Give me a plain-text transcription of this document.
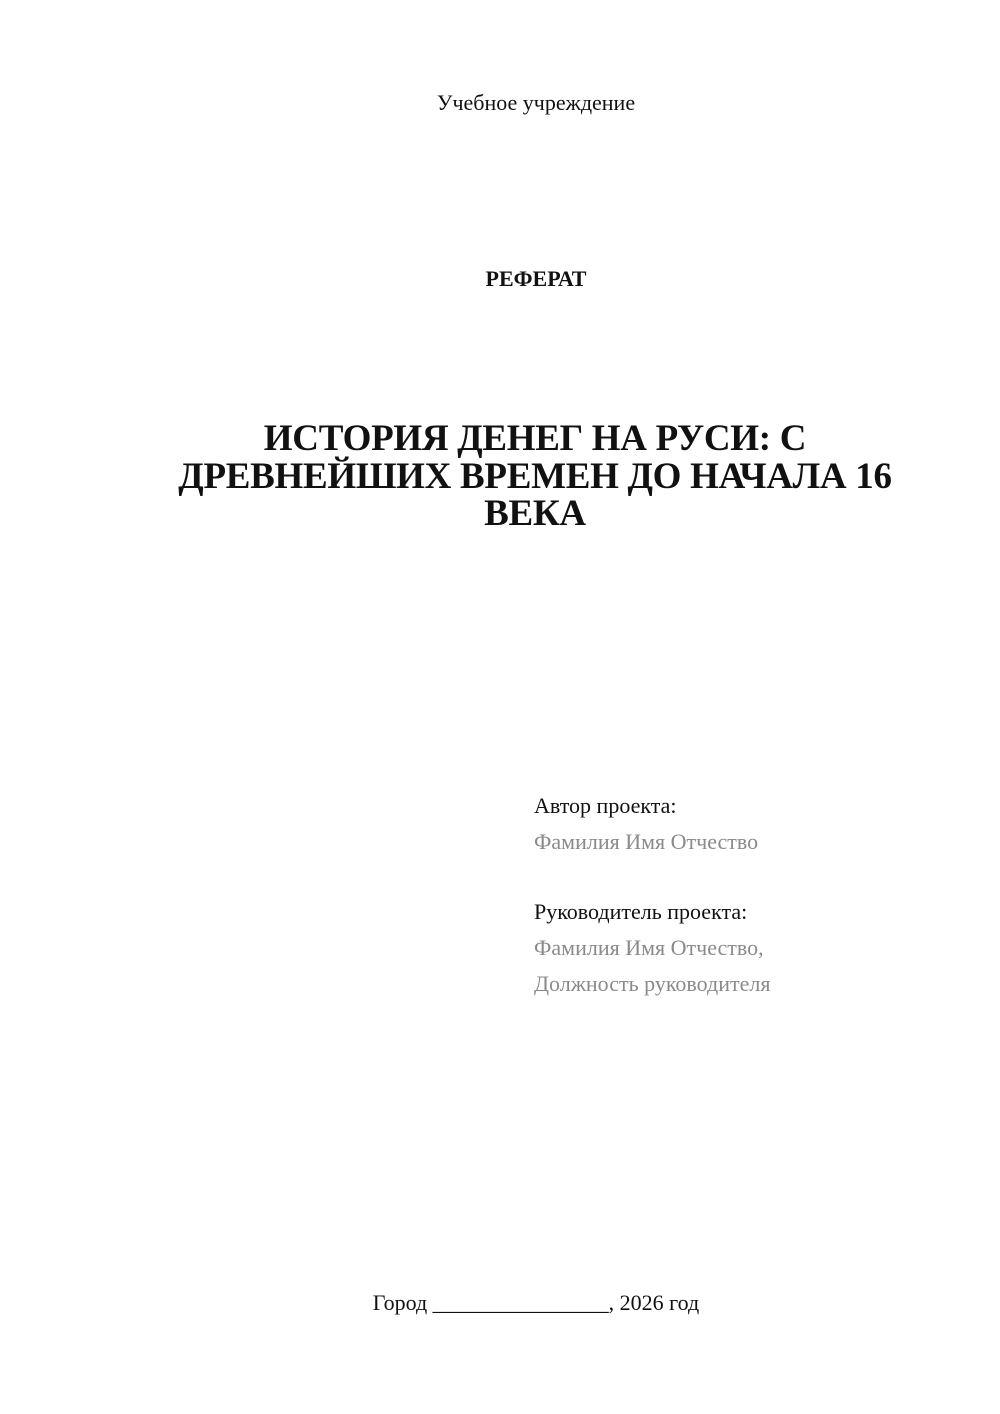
Учебное учреждение
РЕФЕРАТ
ИСТОРИЯ ДЕНЕГ НА РУСИ: С ДРЕВНЕЙШИХ ВРЕМЕН ДО НАЧАЛА 16 ВЕКА
Автор проекта:
Фамилия Имя Отчество
Руководитель проекта:
Фамилия Имя Отчество,
Должность руководителя
Город ________________, 2026 год
